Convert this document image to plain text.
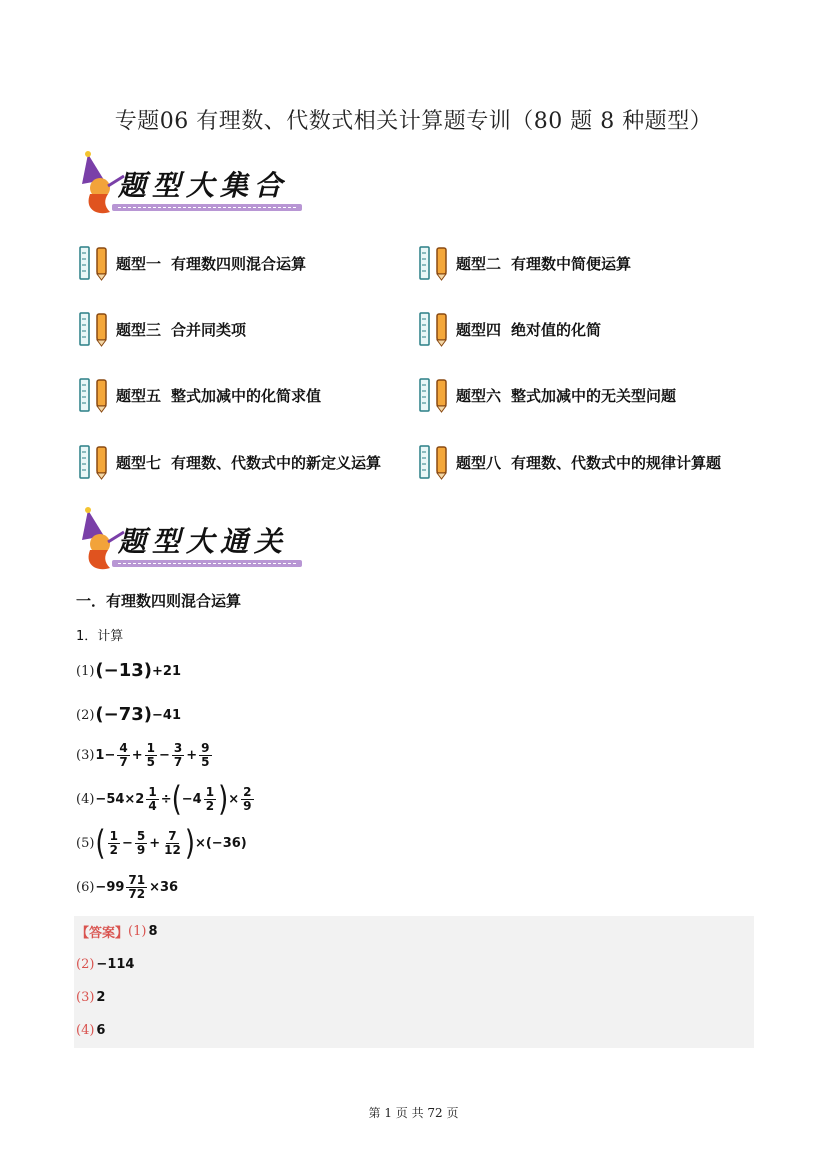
专题06 有理数、代数式相关计算题专训（80 题 8 种题型）
题型大集合
题型一 有理数四则混合运算	题型二 有理数中简便运算
题型三 合并同类项	题型四 绝对值的化简
题型五 整式加减中的化简求值	题型六 整式加减中的无关型问题
题型七 有理数、代数式中的新定义运算	题型八 有理数、代数式中的规律计算题
题型大通关
一．有理数四则混合运算
1．计算
(1) (−13) +21
(2) (−73) −41
(3) $1- \frac{4}{7} + \frac{1}{5} - \frac{3}{7} + \frac{9}{5}$
$(4) -54\times 2 \frac{1}{4}$ ÷ ( $-4 \frac{1}{2}$ ) × $\frac{2}{9}$
(5) ( $\frac{1}{2} - \frac{5}{9} + \frac{7}{12}$ ) ×(−36)
$(6) -99 \frac{71}{72} \times 36$
【答案】 (1) 8
(2) −114
(3) 2
(4) 6
第 1 页 共 72 页
